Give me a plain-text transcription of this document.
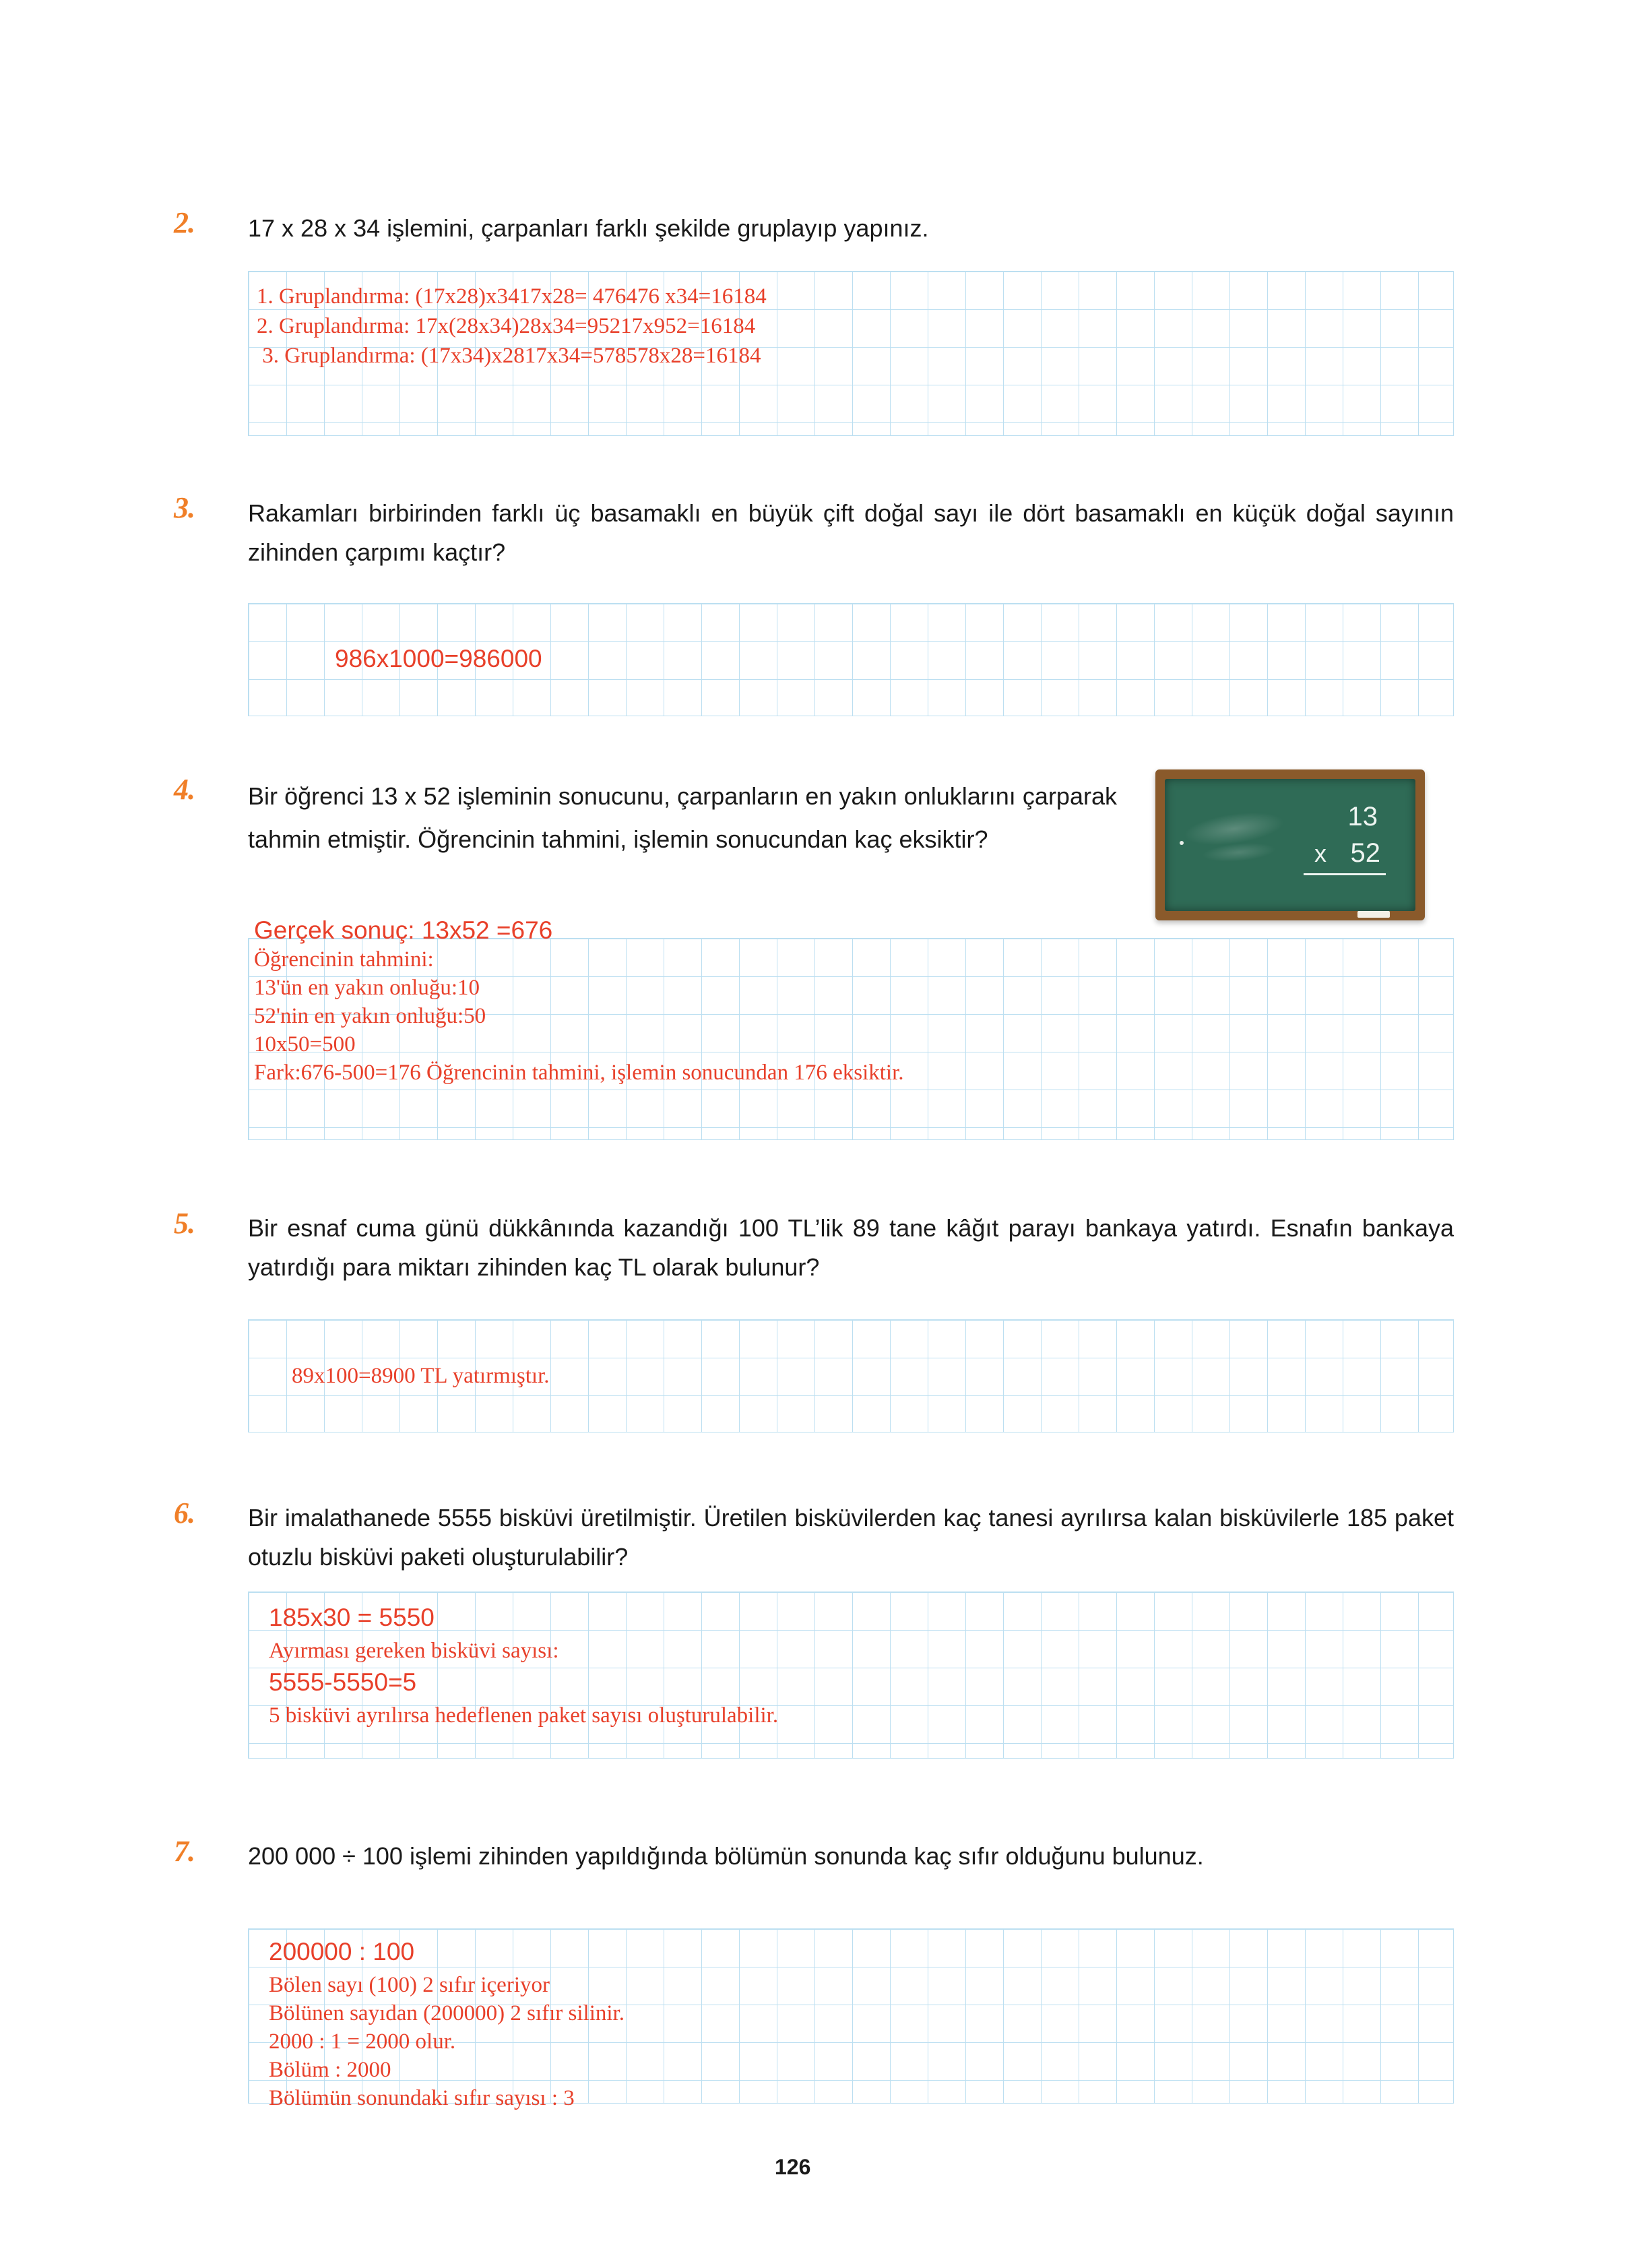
2. 17 x 28 x 34 işlemini, çarpanları farklı şekilde gruplayıp yapınız.
1. Gruplandırma: (17x28)x3417x28= 476476 x34=16184
2. Gruplandırma: 17x(28x34)28x34=95217x952=16184
3. Gruplandırma: (17x34)x2817x34=578578x28=16184
3. Rakamları birbirinden farklı üç basamaklı en büyük çift doğal sayı ile dört basamaklı en küçük doğal sayının zihinden çarpımı kaçtır?
986x1000=986000
4. Bir öğrenci 13 x 52 işleminin sonucunu, çarpanların en yakın onluklarını çarparak tahmin etmiştir. Öğrencinin tahmini, işlemin sonucundan kaç eksiktir?
13
x 52
Gerçek sonuç: 13x52 =676
Öğrencinin tahmini:
13'ün en yakın onluğu:10
52'nin en yakın onluğu:50
10x50=500
Fark:676-500=176 Öğrencinin tahmini, işlemin sonucundan 176 eksiktir.
5. Bir esnaf cuma günü dükkânında kazandığı 100 TL’lik 89 tane kâğıt parayı bankaya yatırdı. Esnafın bankaya yatırdığı para miktarı zihinden kaç TL olarak bulunur?
89x100=8900 TL yatırmıştır.
6. Bir imalathanede 5555 bisküvi üretilmiştir. Üretilen bisküvilerden kaç tanesi ayrılırsa kalan bisküvilerle 185 paket otuzlu bisküvi paketi oluşturulabilir?
185x30 = 5550
Ayırması gereken bisküvi sayısı:
5555-5550=5
5 bisküvi ayrılırsa hedeflenen paket sayısı oluşturulabilir.
7. 200 000 ÷ 100 işlemi zihinden yapıldığında bölümün sonunda kaç sıfır olduğunu bulunuz.
200000 : 100
Bölen sayı (100) 2 sıfır içeriyor
Bölünen sayıdan (200000) 2 sıfır silinir.
2000 : 1 = 2000 olur.
Bölüm : 2000
Bölümün sonundaki sıfır sayısı : 3
126
